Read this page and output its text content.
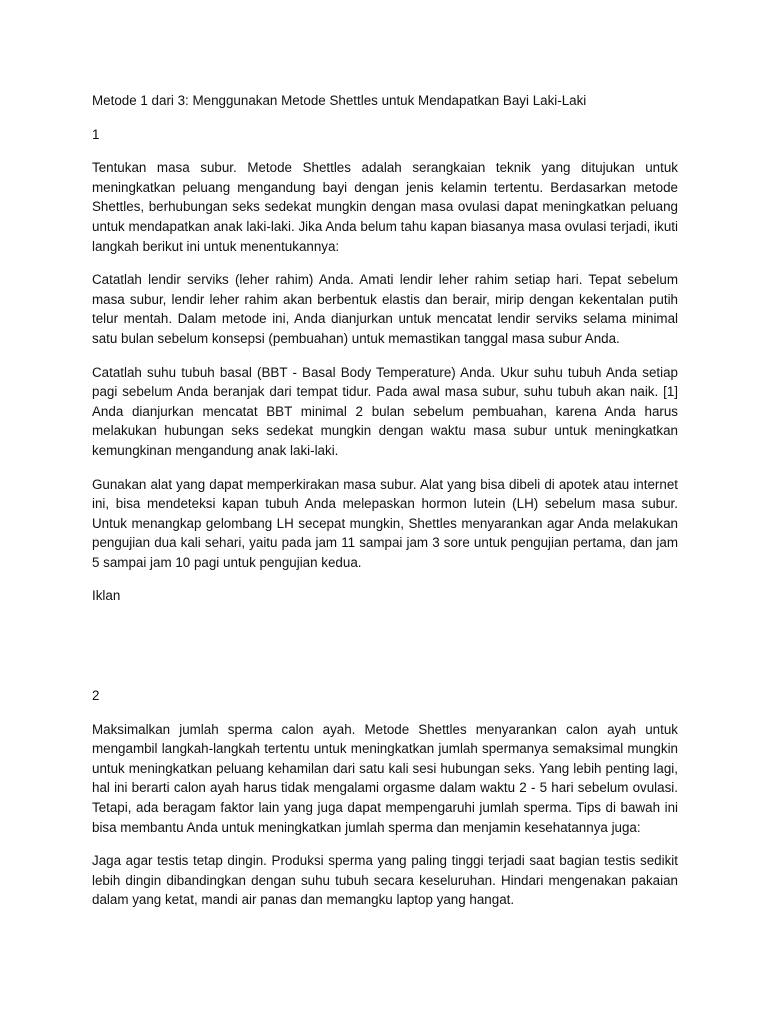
Metode 1 dari 3: Menggunakan Metode Shettles untuk Mendapatkan Bayi Laki-Laki

1

Tentukan masa subur. Metode Shettles adalah serangkaian teknik yang ditujukan untuk meningkatkan peluang mengandung bayi dengan jenis kelamin tertentu. Berdasarkan metode Shettles, berhubungan seks sedekat mungkin dengan masa ovulasi dapat meningkatkan peluang untuk mendapatkan anak laki-laki. Jika Anda belum tahu kapan biasanya masa ovulasi terjadi, ikuti langkah berikut ini untuk menentukannya:

Catatlah lendir serviks (leher rahim) Anda. Amati lendir leher rahim setiap hari. Tepat sebelum masa subur, lendir leher rahim akan berbentuk elastis dan berair, mirip dengan kekentalan putih telur mentah. Dalam metode ini, Anda dianjurkan untuk mencatat lendir serviks selama minimal satu bulan sebelum konsepsi (pembuahan) untuk memastikan tanggal masa subur Anda.

Catatlah suhu tubuh basal (BBT - Basal Body Temperature) Anda. Ukur suhu tubuh Anda setiap pagi sebelum Anda beranjak dari tempat tidur. Pada awal masa subur, suhu tubuh akan naik. [1] Anda dianjurkan mencatat BBT minimal 2 bulan sebelum pembuahan, karena Anda harus melakukan hubungan seks sedekat mungkin dengan waktu masa subur untuk meningkatkan kemungkinan mengandung anak laki-laki.

Gunakan alat yang dapat memperkirakan masa subur. Alat yang bisa dibeli di apotek atau internet ini, bisa mendeteksi kapan tubuh Anda melepaskan hormon lutein (LH) sebelum masa subur. Untuk menangkap gelombang LH secepat mungkin, Shettles menyarankan agar Anda melakukan pengujian dua kali sehari, yaitu pada jam 11 sampai jam 3 sore untuk pengujian pertama, dan jam 5 sampai jam 10 pagi untuk pengujian kedua.

Iklan

2

Maksimalkan jumlah sperma calon ayah. Metode Shettles menyarankan calon ayah untuk mengambil langkah-langkah tertentu untuk meningkatkan jumlah spermanya semaksimal mungkin untuk meningkatkan peluang kehamilan dari satu kali sesi hubungan seks. Yang lebih penting lagi, hal ini berarti calon ayah harus tidak mengalami orgasme dalam waktu 2 - 5 hari sebelum ovulasi. Tetapi, ada beragam faktor lain yang juga dapat mempengaruhi jumlah sperma. Tips di bawah ini bisa membantu Anda untuk meningkatkan jumlah sperma dan menjamin kesehatannya juga:

Jaga agar testis tetap dingin. Produksi sperma yang paling tinggi terjadi saat bagian testis sedikit lebih dingin dibandingkan dengan suhu tubuh secara keseluruhan. Hindari mengenakan pakaian dalam yang ketat, mandi air panas dan memangku laptop yang hangat.
